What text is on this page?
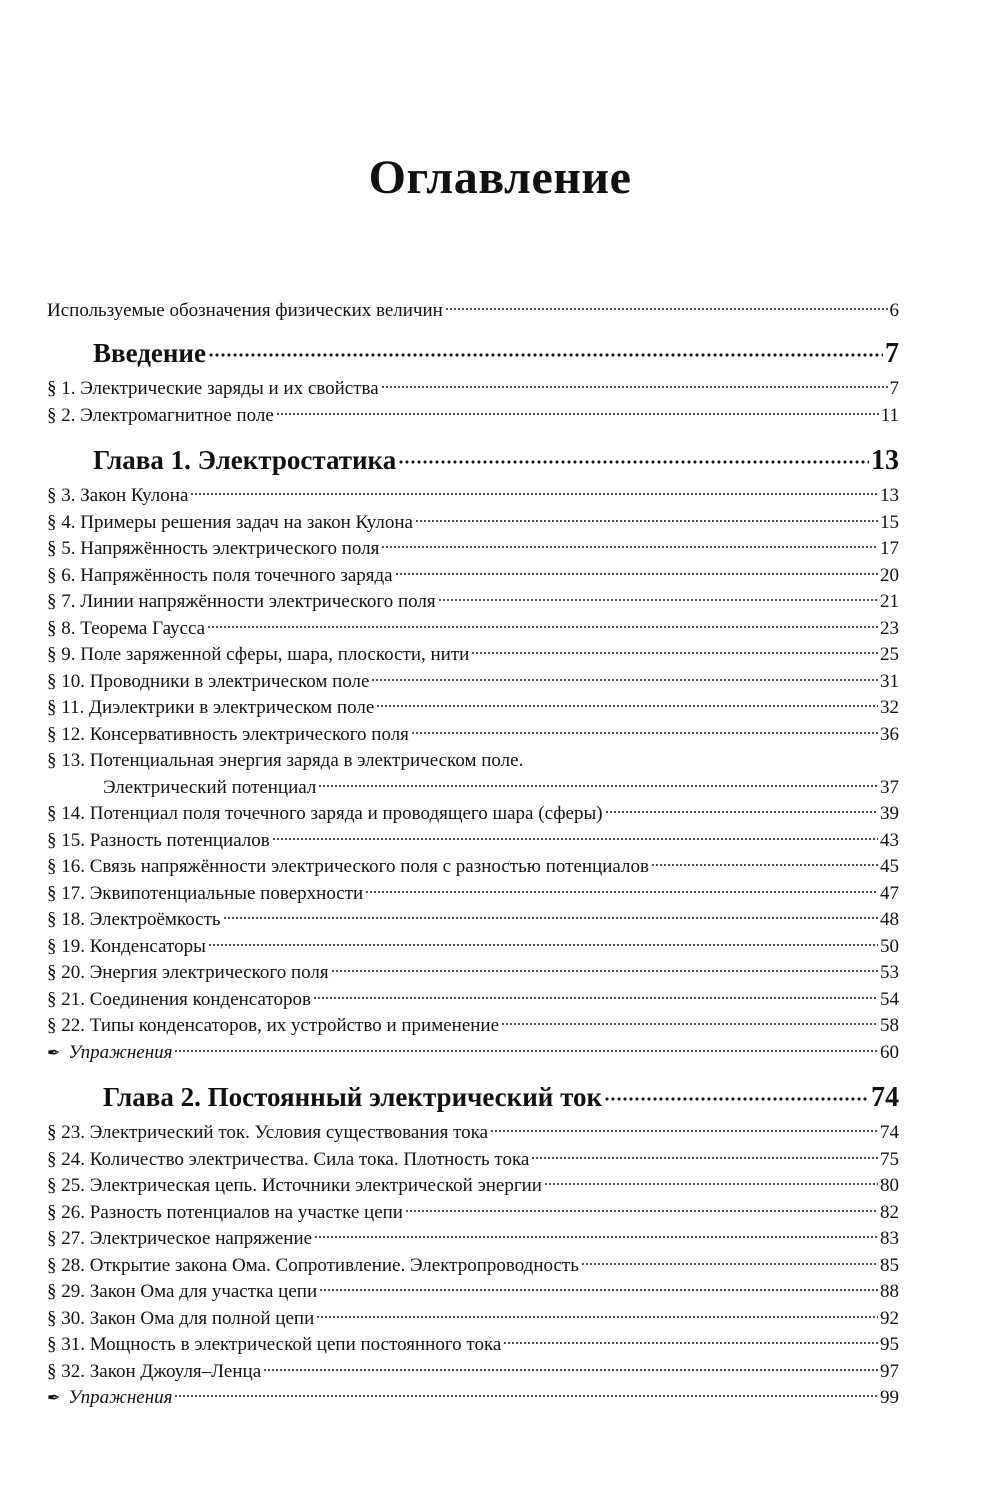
Оглавление
Используемые обозначения физических величин	6
Введение	7
§ 1. Электрические заряды и их свойства	7
§ 2. Электромагнитное поле	11
Глава 1. Электростатика	13
§ 3. Закон Кулона	13
§ 4. Примеры решения задач на закон Кулона	15
§ 5. Напряжённость электрического поля	17
§ 6. Напряжённость поля точечного заряда	20
§ 7. Линии напряжённости электрического поля	21
§ 8. Теорема Гаусса	23
§ 9. Поле заряженной сферы, шара, плоскости, нити	25
§ 10. Проводники в электрическом поле	31
§ 11. Диэлектрики в электрическом поле	32
§ 12. Консервативность электрического поля	36
§ 13. Потенциальная энергия заряда в электрическом поле.
Электрический потенциал	37
§ 14. Потенциал поля точечного заряда и проводящего шара (сферы)	39
§ 15. Разность потенциалов	43
§ 16. Связь напряжённости электрического поля с разностью потенциалов	45
§ 17. Эквипотенциальные поверхности	47
§ 18. Электроёмкость	48
§ 19. Конденсаторы	50
§ 20. Энергия электрического поля	53
§ 21. Соединения конденсаторов	54
§ 22. Типы конденсаторов, их устройство и применение	58
✒ Упражнения	60
Глава 2. Постоянный электрический ток	74
§ 23. Электрический ток. Условия существования тока	74
§ 24. Количество электричества. Сила тока. Плотность тока	75
§ 25. Электрическая цепь. Источники электрической энергии	80
§ 26. Разность потенциалов на участке цепи	82
§ 27. Электрическое напряжение	83
§ 28. Открытие закона Ома. Сопротивление. Электропроводность	85
§ 29. Закон Ома для участка цепи	88
§ 30. Закон Ома для полной цепи	92
§ 31. Мощность в электрической цепи постоянного тока	95
§ 32. Закон Джоуля–Ленца	97
✒ Упражнения	99
